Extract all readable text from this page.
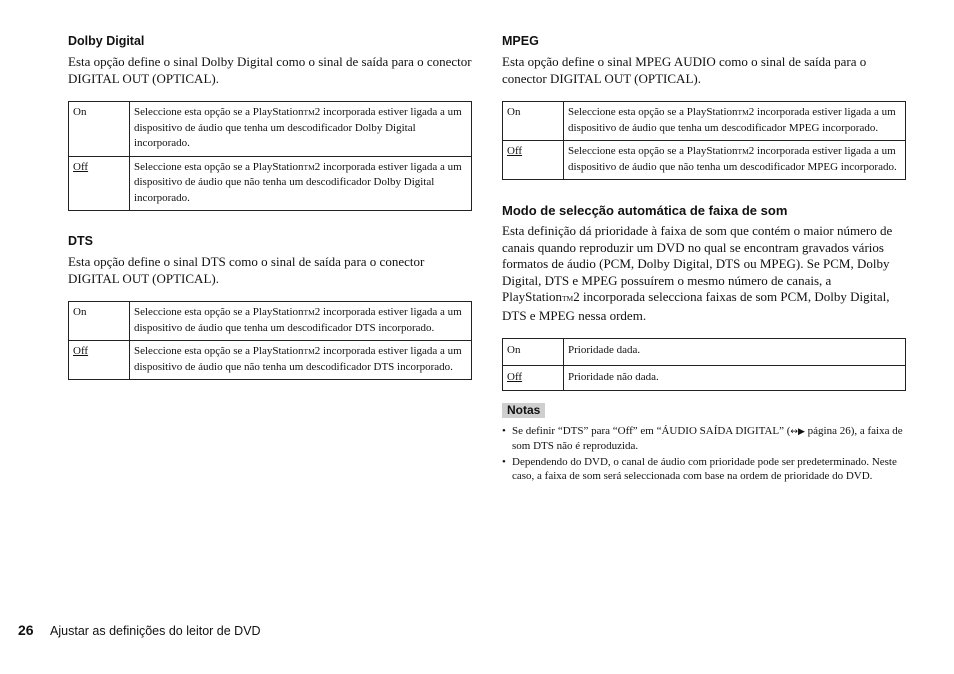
Dolby Digital

Esta opção define o sinal Dolby Digital como o sinal de saída para o conector DIGITAL OUT (OPTICAL).

On	Seleccione esta opção se a PlayStationTM2 incorporada estiver ligada a um dispositivo de áudio que tenha um descodificador Dolby Digital incorporado.
Off	Seleccione esta opção se a PlayStationTM2 incorporada estiver ligada a um dispositivo de áudio que não tenha um descodificador Dolby Digital incorporado.
DTS

Esta opção define o sinal DTS como o sinal de saída para o conector DIGITAL OUT (OPTICAL).

On	Seleccione esta opção se a PlayStationTM2 incorporada estiver ligada a um dispositivo de áudio que tenha um descodificador DTS incorporado.
Off	Seleccione esta opção se a PlayStationTM2 incorporada estiver ligada a um dispositivo de áudio que não tenha um descodificador DTS incorporado.
MPEG

Esta opção define o sinal MPEG AUDIO como o sinal de saída para o conector DIGITAL OUT (OPTICAL).

On	Seleccione esta opção se a PlayStationTM2 incorporada estiver ligada a um dispositivo de áudio que tenha um descodificador MPEG incorporado.
Off	Seleccione esta opção se a PlayStationTM2 incorporada estiver ligada a um dispositivo de áudio que não tenha um descodificador MPEG incorporado.
Modo de selecção automática de faixa de som

Esta definição dá prioridade à faixa de som que contém o maior número de canais quando reproduzir um DVD no qual se encontram gravados vários formatos de áudio (PCM, Dolby Digital, DTS ou MPEG). Se PCM, Dolby Digital, DTS e MPEG possuírem o mesmo número de canais, a PlayStationTM2 incorporada selecciona faixas de som PCM, Dolby Digital, DTS e MPEG nessa ordem.

On	Prioridade dada.
Off	Prioridade não dada.
Notas
• Se definir “DTS” para “Off” em “ÁUDIO SAÍDA DIGITAL” (↔▶ página 26), a faixa de som DTS não é reproduzida.
• Dependendo do DVD, o canal de áudio com prioridade pode ser predeterminado. Neste caso, a faixa de som será seleccionada com base na ordem de prioridade do DVD.
26 Ajustar as definições do leitor de DVD
